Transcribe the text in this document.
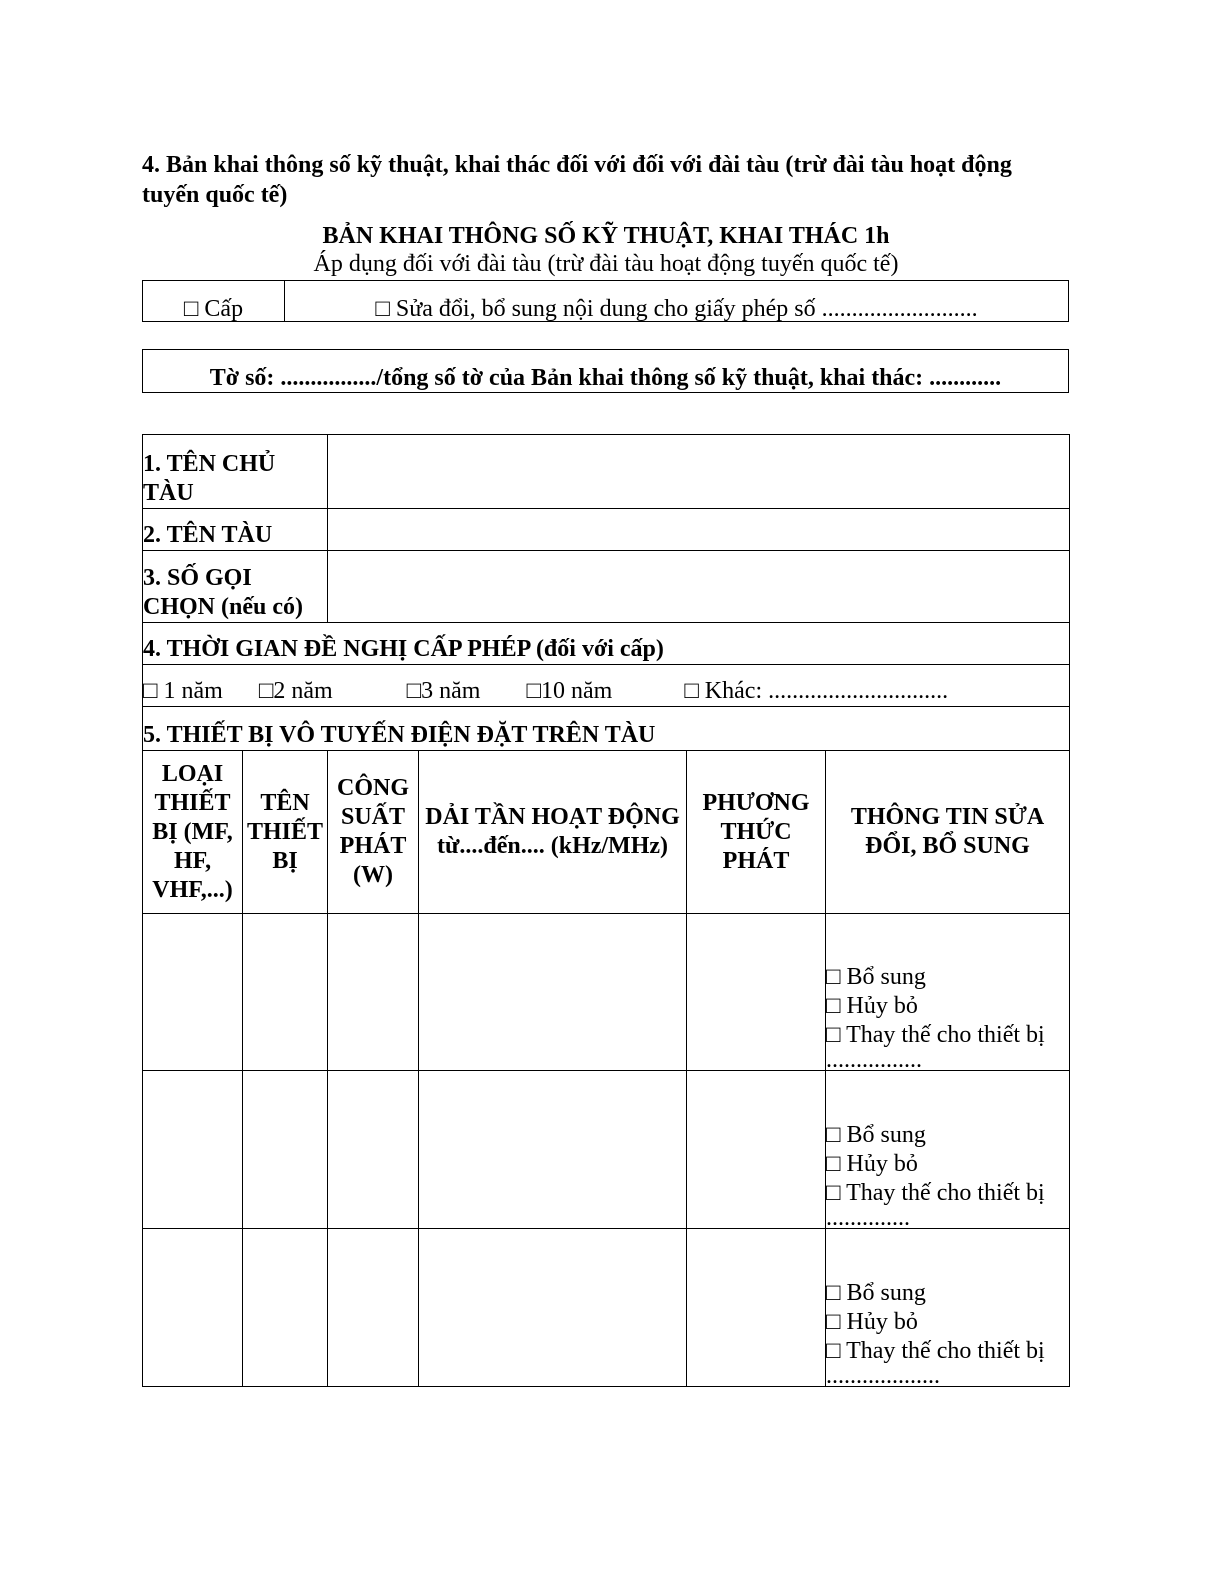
4. Bản khai thông số kỹ thuật, khai thác đối với đối với đài tàu (trừ đài tàu hoạt động tuyến quốc tế)

BẢN KHAI THÔNG SỐ KỸ THUẬT, KHAI THÁC 1h
Áp dụng đối với đài tàu (trừ đài tàu hoạt động tuyến quốc tế)
□ Cấp	□ Sửa đổi, bổ sung nội dung cho giấy phép số ..........................
Tờ số: ................/tổng số tờ của Bản khai thông số kỹ thuật, khai thác: ............
1. TÊN CHỦ TÀU					
2. TÊN TÀU					
3. SỐ GỌI CHỌN (nếu có)					
4. THỜI GIAN ĐỀ NGHỊ CẤP PHÉP (đối với cấp)					
□ 1 năm □2 năm □3 năm □10 năm □ Khác: ..............................					
5. THIẾT BỊ VÔ TUYẾN ĐIỆN ĐẶT TRÊN TÀU					
LOẠI THIẾT BỊ (MF, HF, VHF,...)	TÊN THIẾT BỊ	CÔNG SUẤT PHÁT (W)	DẢI TẦN HOẠT ĐỘNG từ....đến.... (kHz/MHz)	PHƯƠNG THỨC PHÁT	THÔNG TIN SỬA ĐỔI, BỔ SUNG

					□ Bổ sung
□ Hủy bỏ
□ Thay thế cho thiết bị
................

					□ Bổ sung
□ Hủy bỏ
□ Thay thế cho thiết bị
..............

					□ Bổ sung
□ Hủy bỏ
□ Thay thế cho thiết bị
...................
